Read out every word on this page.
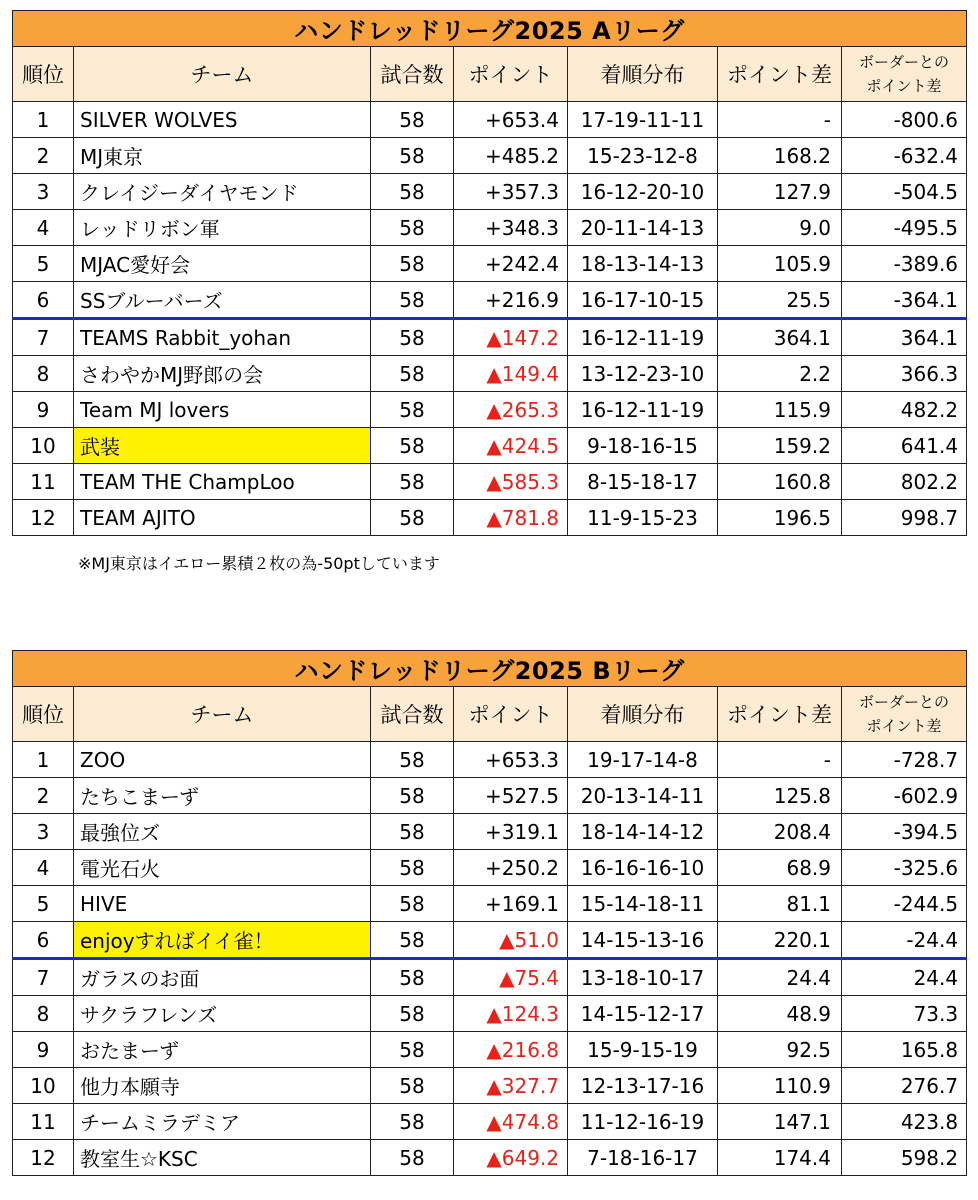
ハンドレッドリーグ2025 Aリーグ						
順位	チーム	試合数	ポイント	着順分布	ポイント差	ボーダーとの
ポイント差
1	SILVER WOLVES	58	+653.4	17-19-11-11	-	-800.6
2	MJ東京	58	+485.2	15-23-12-8	168.2	-632.4
3	クレイジーダイヤモンド	58	+357.3	16-12-20-10	127.9	-504.5
4	レッドリボン軍	58	+348.3	20-11-14-13	9.0	-495.5
5	MJAC愛好会	58	+242.4	18-13-14-13	105.9	-389.6
6	SSブルーバーズ	58	+216.9	16-17-10-15	25.5	-364.1
7	TEAMS Rabbit_yohan	58	▲147.2	16-12-11-19	364.1	364.1
8	さわやかMJ野郎の会	58	▲149.4	13-12-23-10	2.2	366.3
9	Team MJ lovers	58	▲265.3	16-12-11-19	115.9	482.2
10	武装	58	▲424.5	9-18-16-15	159.2	641.4
11	TEAM THE ChampLoo	58	▲585.3	8-15-18-17	160.8	802.2
12	TEAM AJITO	58	▲781.8	11-9-15-23	196.5	998.7
※MJ東京はイエロー累積２枚の為-50ptしています
ハンドレッドリーグ2025 Bリーグ						
順位	チーム	試合数	ポイント	着順分布	ポイント差	ボーダーとの
ポイント差
1	ZOO	58	+653.3	19-17-14-8	-	-728.7
2	たちこまーず	58	+527.5	20-13-14-11	125.8	-602.9
3	最強位ズ	58	+319.1	18-14-14-12	208.4	-394.5
4	電光石火	58	+250.2	16-16-16-10	68.9	-325.6
5	HIVE	58	+169.1	15-14-18-11	81.1	-244.5
6	enjoyすればイイ雀！	58	▲51.0	14-15-13-16	220.1	-24.4
7	ガラスのお面	58	▲75.4	13-18-10-17	24.4	24.4
8	サクラフレンズ	58	▲124.3	14-15-12-17	48.9	73.3
9	おたまーず	58	▲216.8	15-9-15-19	92.5	165.8
10	他力本願寺	58	▲327.7	12-13-17-16	110.9	276.7
11	チームミラデミア	58	▲474.8	11-12-16-19	147.1	423.8
12	教室生☆KSC	58	▲649.2	7-18-16-17	174.4	598.2
